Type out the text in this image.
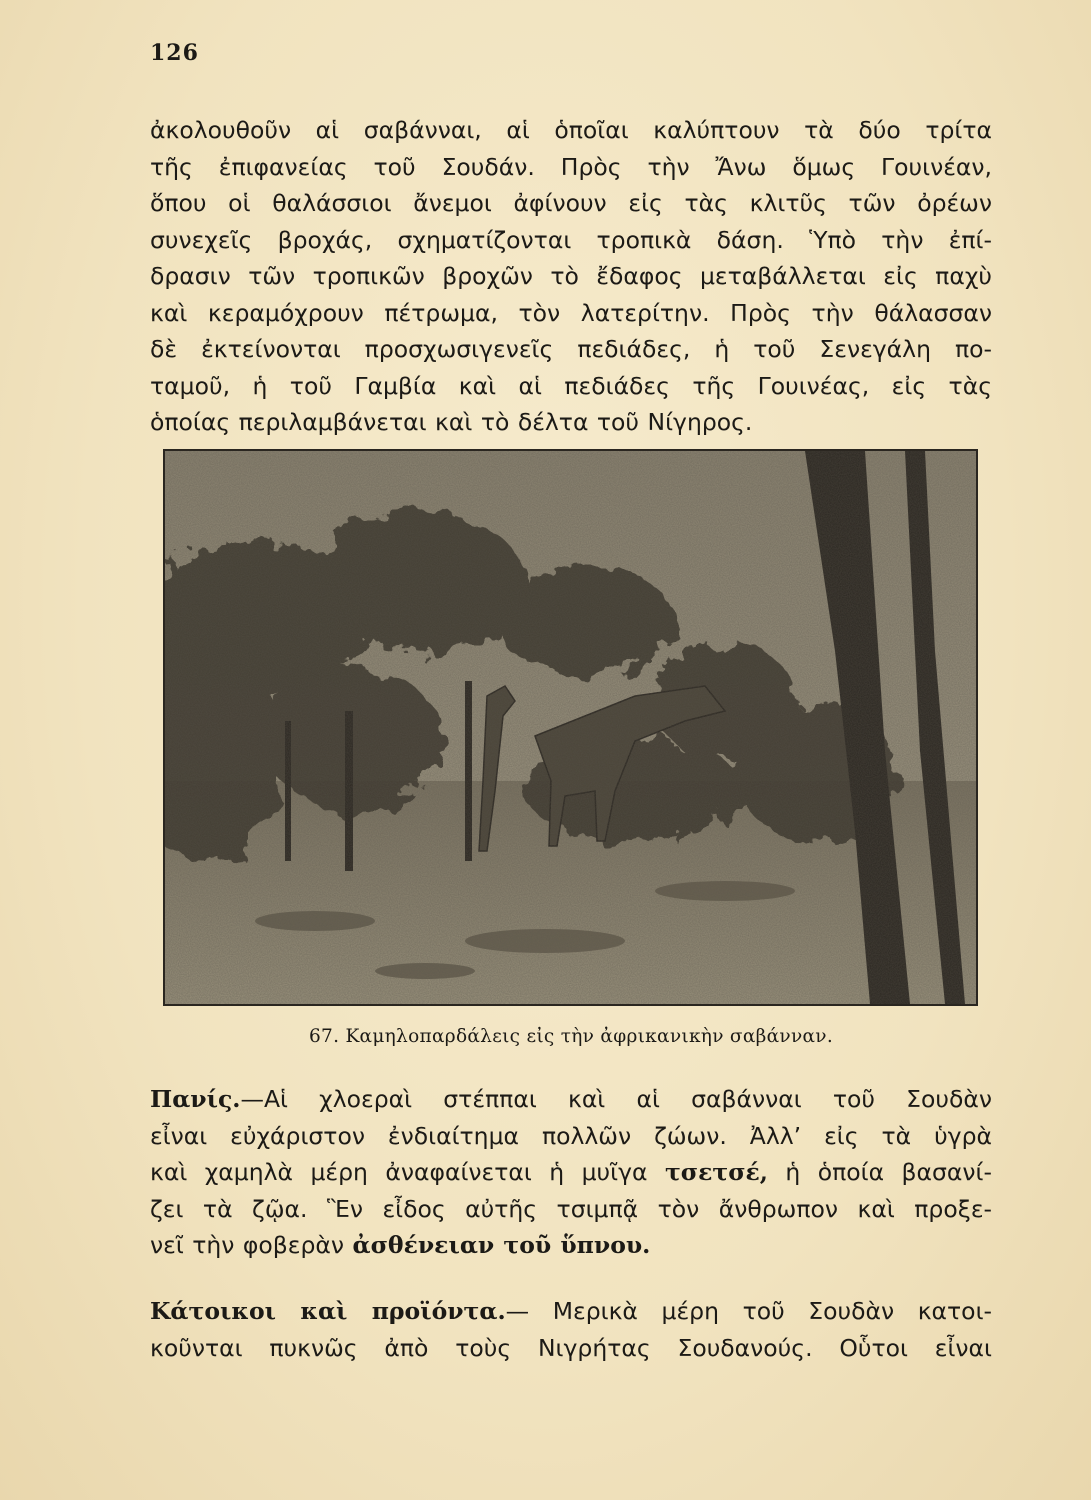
126
ἀκολουθοῦν αἱ σαβάνναι, αἱ ὁποῖαι καλύπτουν τὰ δύο τρίτα
τῆς ἐπιφανείας τοῦ Σουδάν. Πρὸς τὴν Ἄνω ὅμως Γουινέαν,
ὅπου οἱ θαλάσσιοι ἄνεμοι ἀφίνουν εἰς τὰς κλιτῦς τῶν ὀρέων
συνεχεῖς βροχάς, σχηματίζονται τροπικὰ δάση. Ὑπὸ τὴν ἐπί-
δρασιν τῶν τροπικῶν βροχῶν τὸ ἔδαφος μεταβάλλεται εἰς παχὺ
καὶ κεραμόχρουν πέτρωμα, τὸν λατερίτην. Πρὸς τὴν θάλασσαν
δὲ ἐκτείνονται προσχωσιγενεῖς πεδιάδες, ἡ τοῦ Σενεγάλη πο-
ταμοῦ, ἡ τοῦ Γαμβία καὶ αἱ πεδιάδες τῆς Γουινέας, εἰς τὰς
ὁποίας περιλαμβάνεται καὶ τὸ δέλτα τοῦ Νίγηρος.
67. Καμηλοπαρδάλεις εἰς τὴν ἀφρικανικὴν σαβάνναν.
Πανίς.—Αἱ χλοεραὶ στέππαι καὶ αἱ σαβάνναι τοῦ Σουδὰν
εἶναι εὐχάριστον ἐνδιαίτημα πολλῶν ζώων. Ἀλλ’ εἰς τὰ ὑγρὰ
καὶ χαμηλὰ μέρη ἀναφαίνεται ἡ μυῖγα τσετσέ, ἡ ὁποία βασανί-
ζει τὰ ζῷα. Ἓν εἶδος αὐτῆς τσιμπᾷ τὸν ἄνθρωπον καὶ προξε-
νεῖ τὴν φοβερὰν ἀσθένειαν τοῦ ὕπνου.
Κάτοικοι καὶ προϊόντα.— Μερικὰ μέρη τοῦ Σουδὰν κατοι-
κοῦνται πυκνῶς ἀπὸ τοὺς Νιγρήτας Σουδανούς. Οὗτοι εἶναι
